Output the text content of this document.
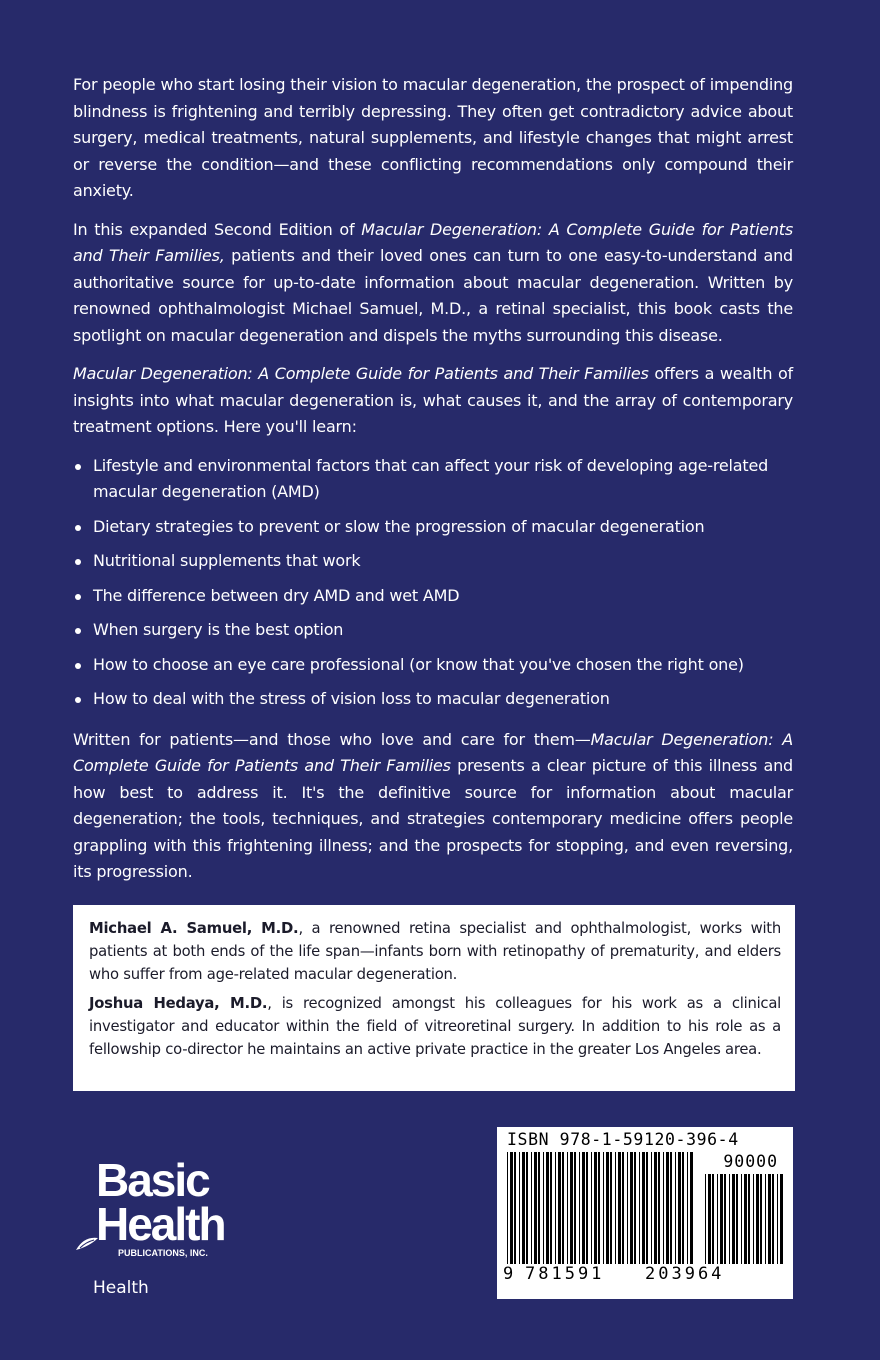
For people who start losing their vision to macular degeneration, the prospect of impending blindness is frightening and terribly depressing. They often get contradictory advice about surgery, medical treatments, natural supplements, and lifestyle changes that might arrest or reverse the condition—and these conflicting recommendations only compound their anxiety.

In this expanded Second Edition of Macular Degeneration: A Complete Guide for Patients and Their Families, patients and their loved ones can turn to one easy-to-understand and authoritative source for up-to-date information about macular degeneration. Written by renowned ophthalmologist Michael Samuel, M.D., a retinal specialist, this book casts the spotlight on macular degeneration and dispels the myths surrounding this disease.

Macular Degeneration: A Complete Guide for Patients and Their Families offers a wealth of insights into what macular degeneration is, what causes it, and the array of contemporary treatment options. Here you'll learn:

Lifestyle and environmental factors that can affect your risk of developing age-related macular degeneration (AMD)
Dietary strategies to prevent or slow the progression of macular degeneration
Nutritional supplements that work
The difference between dry AMD and wet AMD
When surgery is the best option
How to choose an eye care professional (or know that you've chosen the right one)
How to deal with the stress of vision loss to macular degeneration

Written for patients—and those who love and care for them—Macular Degeneration: A Complete Guide for Patients and Their Families presents a clear picture of this illness and how best to address it. It's the definitive source for information about macular degeneration; the tools, techniques, and strategies contemporary medicine offers people grappling with this frightening illness; and the prospects for stopping, and even reversing, its progression.

Michael A. Samuel, M.D., a renowned retina specialist and ophthalmologist, works with patients at both ends of the life span—infants born with retinopathy of prematurity, and elders who suffer from age-related macular degeneration.

Joshua Hedaya, M.D., is recognized amongst his colleagues for his work as a clinical investigator and educator within the field of vitreoretinal surgery. In addition to his role as a fellowship co-director he maintains an active private practice in the greater Los Angeles area.

Basic
Health
PUBLICATIONS, INC.
Health
ISBN 978-1-59120-396-4
90000
9 781591	203964
